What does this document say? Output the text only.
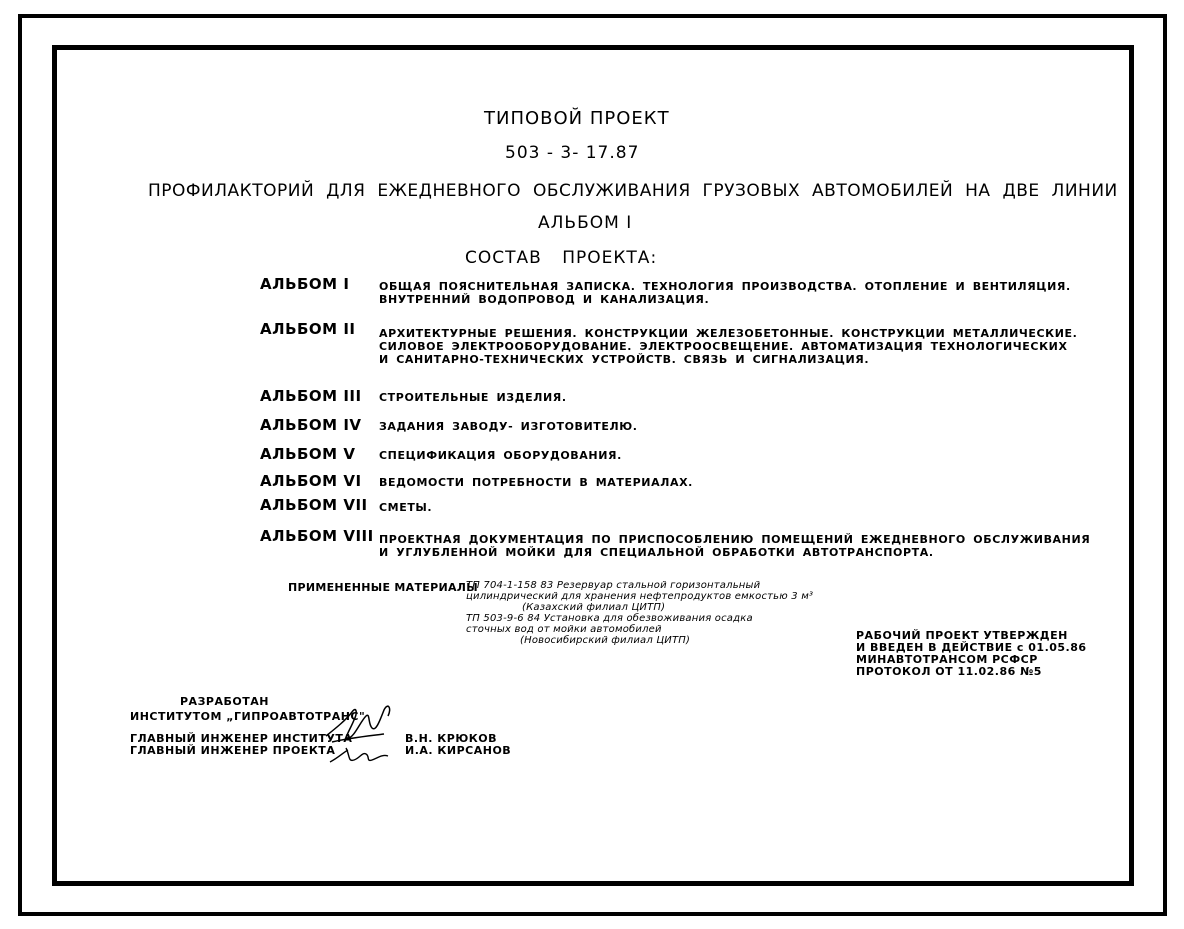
ТИПОВОЙ ПРОЕКТ
503 - 3- 17.87
ПРОФИЛАКТОРИЙ ДЛЯ ЕЖЕДНЕВНОГО ОБСЛУЖИВАНИЯ ГРУЗОВЫХ АВТОМОБИЛЕЙ НА ДВЕ ЛИНИИ
АЛЬБОМ I
СОСТАВ ПРОЕКТА:
АЛЬБОМ I	ОБЩАЯ ПОЯСНИТЕЛЬНАЯ ЗАПИСКА. ТЕХНОЛОГИЯ ПРОИЗВОДСТВА. ОТОПЛЕНИЕ И ВЕНТИЛЯЦИЯ.
ВНУТРЕННИЙ ВОДОПРОВОД И КАНАЛИЗАЦИЯ.
АЛЬБОМ II АРХИТЕКТУРНЫЕ РЕШЕНИЯ. КОНСТРУКЦИИ ЖЕЛЕЗОБЕТОННЫЕ. КОНСТРУКЦИИ МЕТАЛЛИЧЕСКИЕ.
СИЛОВОЕ ЭЛЕКТРООБОРУДОВАНИЕ. ЭЛЕКТРООСВЕЩЕНИЕ. АВТОМАТИЗАЦИЯ ТЕХНОЛОГИЧЕСКИХ
И САНИТАРНО-ТЕХНИЧЕСКИХ УСТРОЙСТВ. СВЯЗЬ И СИГНАЛИЗАЦИЯ.
АЛЬБОМ III СТРОИТЕЛЬНЫЕ ИЗДЕЛИЯ.
АЛЬБОМ IV ЗАДАНИЯ ЗАВОДУ- ИЗГОТОВИТЕЛЮ.
АЛЬБОМ V СПЕЦИФИКАЦИЯ ОБОРУДОВАНИЯ.
АЛЬБОМ VI ВЕДОМОСТИ ПОТРЕБНОСТИ В МАТЕРИАЛАХ.
АЛЬБОМ VII СМЕТЫ.
АЛЬБОМ VIII ПРОЕКТНАЯ ДОКУМЕНТАЦИЯ ПО ПРИСПОСОБЛЕНИЮ ПОМЕЩЕНИЙ ЕЖЕДНЕВНОГО ОБСЛУЖИВАНИЯ
И УГЛУБЛЕННОЙ МОЙКИ ДЛЯ СПЕЦИАЛЬНОЙ ОБРАБОТКИ АВТОТРАНСПОРТА.
ПРИМЕНЕННЫЕ МАТЕРИАЛЫ
ТП 704-1-158 83 Резервуар стальной горизонтальный
цилиндрический для хранения нефтепродуктов емкостью 3 м³
(Казахский филиал ЦИТП)
ТП 503-9-6 84 Установка для обезвоживания осадка
сточных вод от мойки автомобилей
(Новосибирский филиал ЦИТП)	РАБОЧИЙ ПРОЕКТ УТВЕРЖДЕН
И ВВЕДЕН В ДЕЙСТВИЕ с 01.05.86
МИНАВТОТРАНСОМ РСФСР
ПРОТОКОЛ ОТ 11.02.86 №5
РАЗРАБОТАН
ИНСТИТУТОМ „ГИПРОАВТОТРАНС"
ГЛАВНЫЙ ИНЖЕНЕР ИНСТИТУТА	В.Н. КРЮКОВ
ГЛАВНЫЙ ИНЖЕНЕР ПРОЕКТА	И.А. КИРСАНОВ
